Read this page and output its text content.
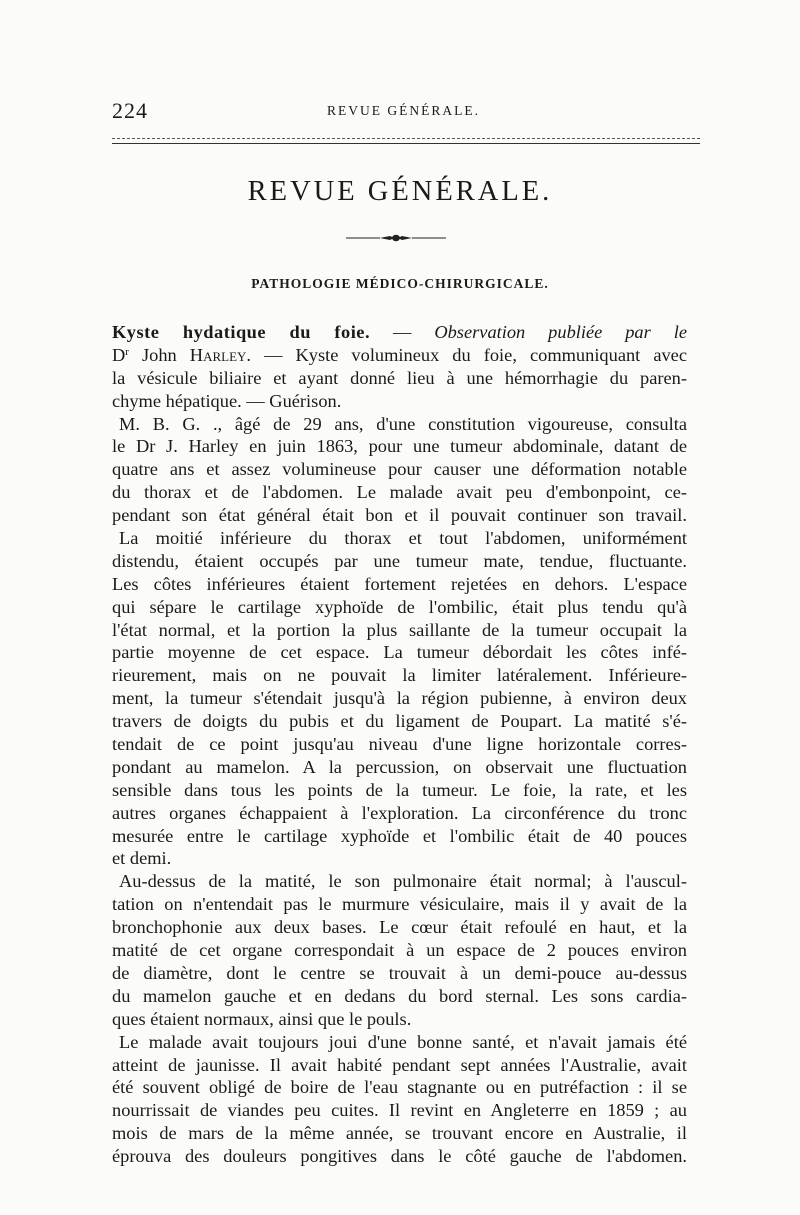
224	REVUE GÉNÉRALE.
REVUE GÉNÉRALE.
PATHOLOGIE MÉDICO-CHIRURGICALE.
Kyste hydatique du foie. — Observation publiée par le
$D^r$ John Harley. — Kyste volumineux du foie, communiquant avec
la vésicule biliaire et ayant donné lieu à une hémorrhagie du paren-
chyme hépatique. — Guérison.
M. B. G. ., âgé de 29 ans, d'une constitution vigoureuse, consulta
le Dr J. Harley en juin 1863, pour une tumeur abdominale, datant de
quatre ans et assez volumineuse pour causer une déformation notable
du thorax et de l'abdomen. Le malade avait peu d'embonpoint, ce-
pendant son état général était bon et il pouvait continuer son travail.
La moitié inférieure du thorax et tout l'abdomen, uniformément
distendu, étaient occupés par une tumeur mate, tendue, fluctuante.
Les côtes inférieures étaient fortement rejetées en dehors. L'espace
qui sépare le cartilage xyphoïde de l'ombilic, était plus tendu qu'à
l'état normal, et la portion la plus saillante de la tumeur occupait la
partie moyenne de cet espace. La tumeur débordait les côtes infé-
rieurement, mais on ne pouvait la limiter latéralement. Inférieure-
ment, la tumeur s'étendait jusqu'à la région pubienne, à environ deux
travers de doigts du pubis et du ligament de Poupart. La matité s'é-
tendait de ce point jusqu'au niveau d'une ligne horizontale corres-
pondant au mamelon. A la percussion, on observait une fluctuation
sensible dans tous les points de la tumeur. Le foie, la rate, et les
autres organes échappaient à l'exploration. La circonférence du tronc
mesurée entre le cartilage xyphoïde et l'ombilic était de 40 pouces
et demi.
Au-dessus de la matité, le son pulmonaire était normal; à l'auscul-
tation on n'entendait pas le murmure vésiculaire, mais il y avait de la
bronchophonie aux deux bases. Le cœur était refoulé en haut, et la
matité de cet organe correspondait à un espace de 2 pouces environ
de diamètre, dont le centre se trouvait à un demi-pouce au-dessus
du mamelon gauche et en dedans du bord sternal. Les sons cardia-
ques étaient normaux, ainsi que le pouls.
Le malade avait toujours joui d'une bonne santé, et n'avait jamais été
atteint de jaunisse. Il avait habité pendant sept années l'Australie, avait
été souvent obligé de boire de l'eau stagnante ou en putréfaction : il se
nourrissait de viandes peu cuites. Il revint en Angleterre en 1859 ; au
mois de mars de la même année, se trouvant encore en Australie, il
éprouva des douleurs pongitives dans le côté gauche de l'abdomen.
